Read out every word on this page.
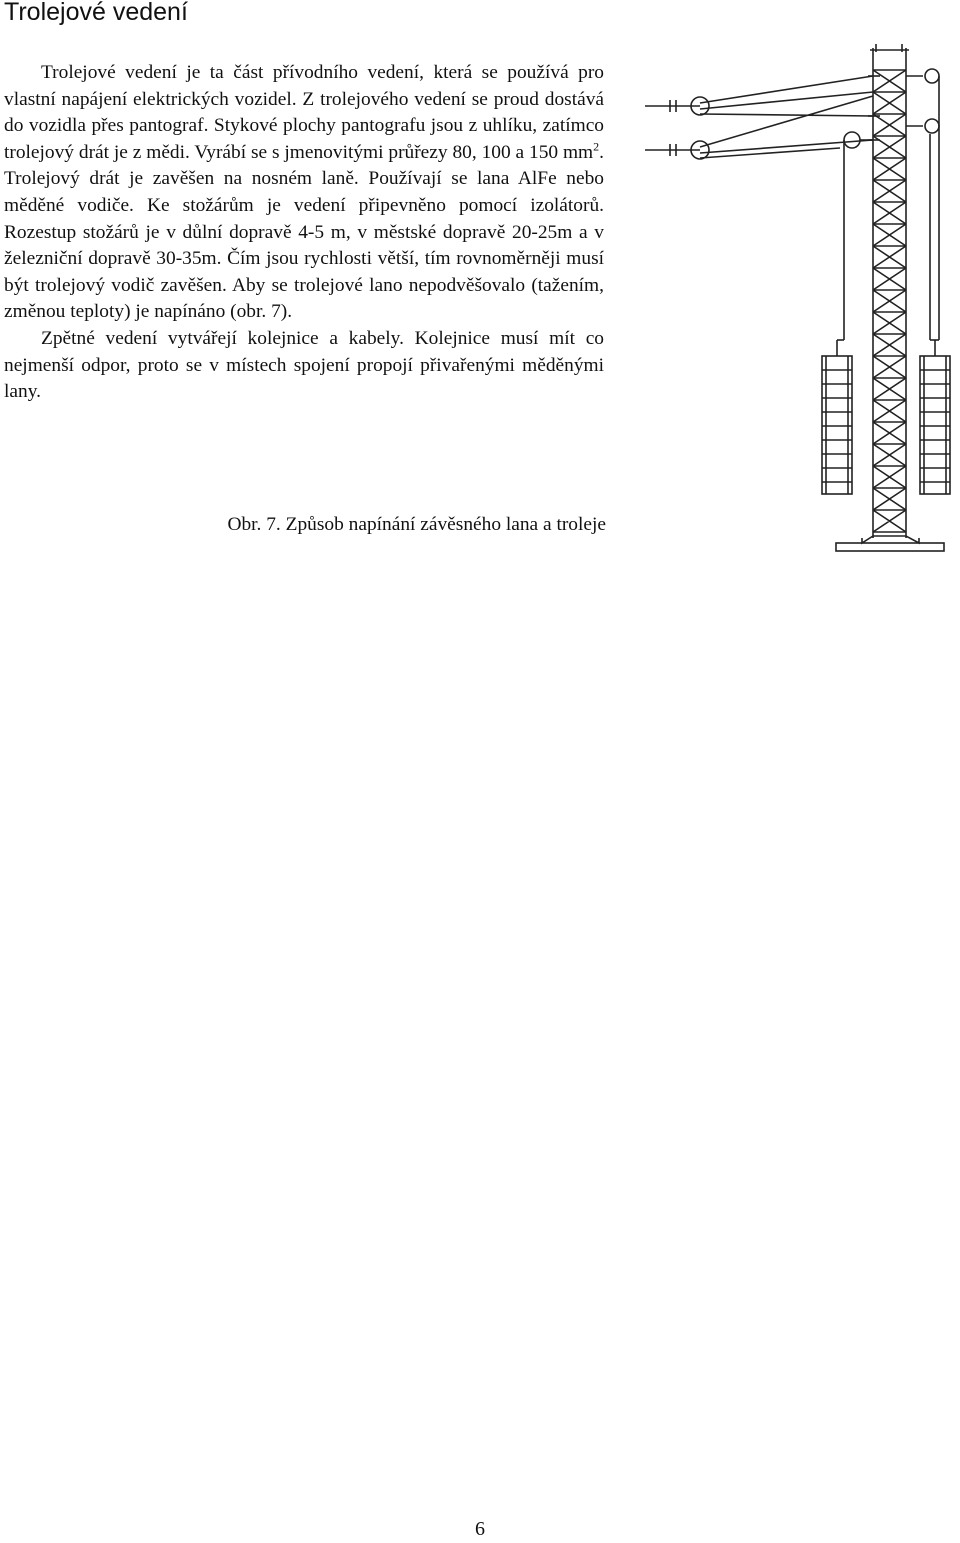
Trolejové vedení

Trolejové vedení je ta část přívodního vedení, která se používá pro vlastní napájení elektrických vozidel. Z trolejového vedení se proud dostává do vozidla přes pantograf. Stykové plochy pantografu jsou z uhlíku, zatímco trolejový drát je z mědi. Vyrábí se s jmenovitými průřezy 80, 100 a 150 $mm^2$. Trolejový drát je zavěšen na nosném laně. Používají se lana AlFe nebo měděné vodiče. Ke stožárům je vedení připevněno pomocí izolátorů. Rozestup stožárů je v důlní dopravě 4-5 m, v městské dopravě 20-25m a v železniční dopravě 30-35m. Čím jsou rychlosti větší, tím rovnoměrněji musí být trolejový vodič zavěšen. Aby se trolejové lano nepodvěšovalo (tažením, změnou teploty) je napínáno (obr. 7).

Zpětné vedení vytvářejí kolejnice a kabely. Kolejnice musí mít co nejmenší odpor, proto se v místech spojení propojí přivařenými měděnými lany.

Obr. 7. Způsob napínání závěsného lana a troleje
6
